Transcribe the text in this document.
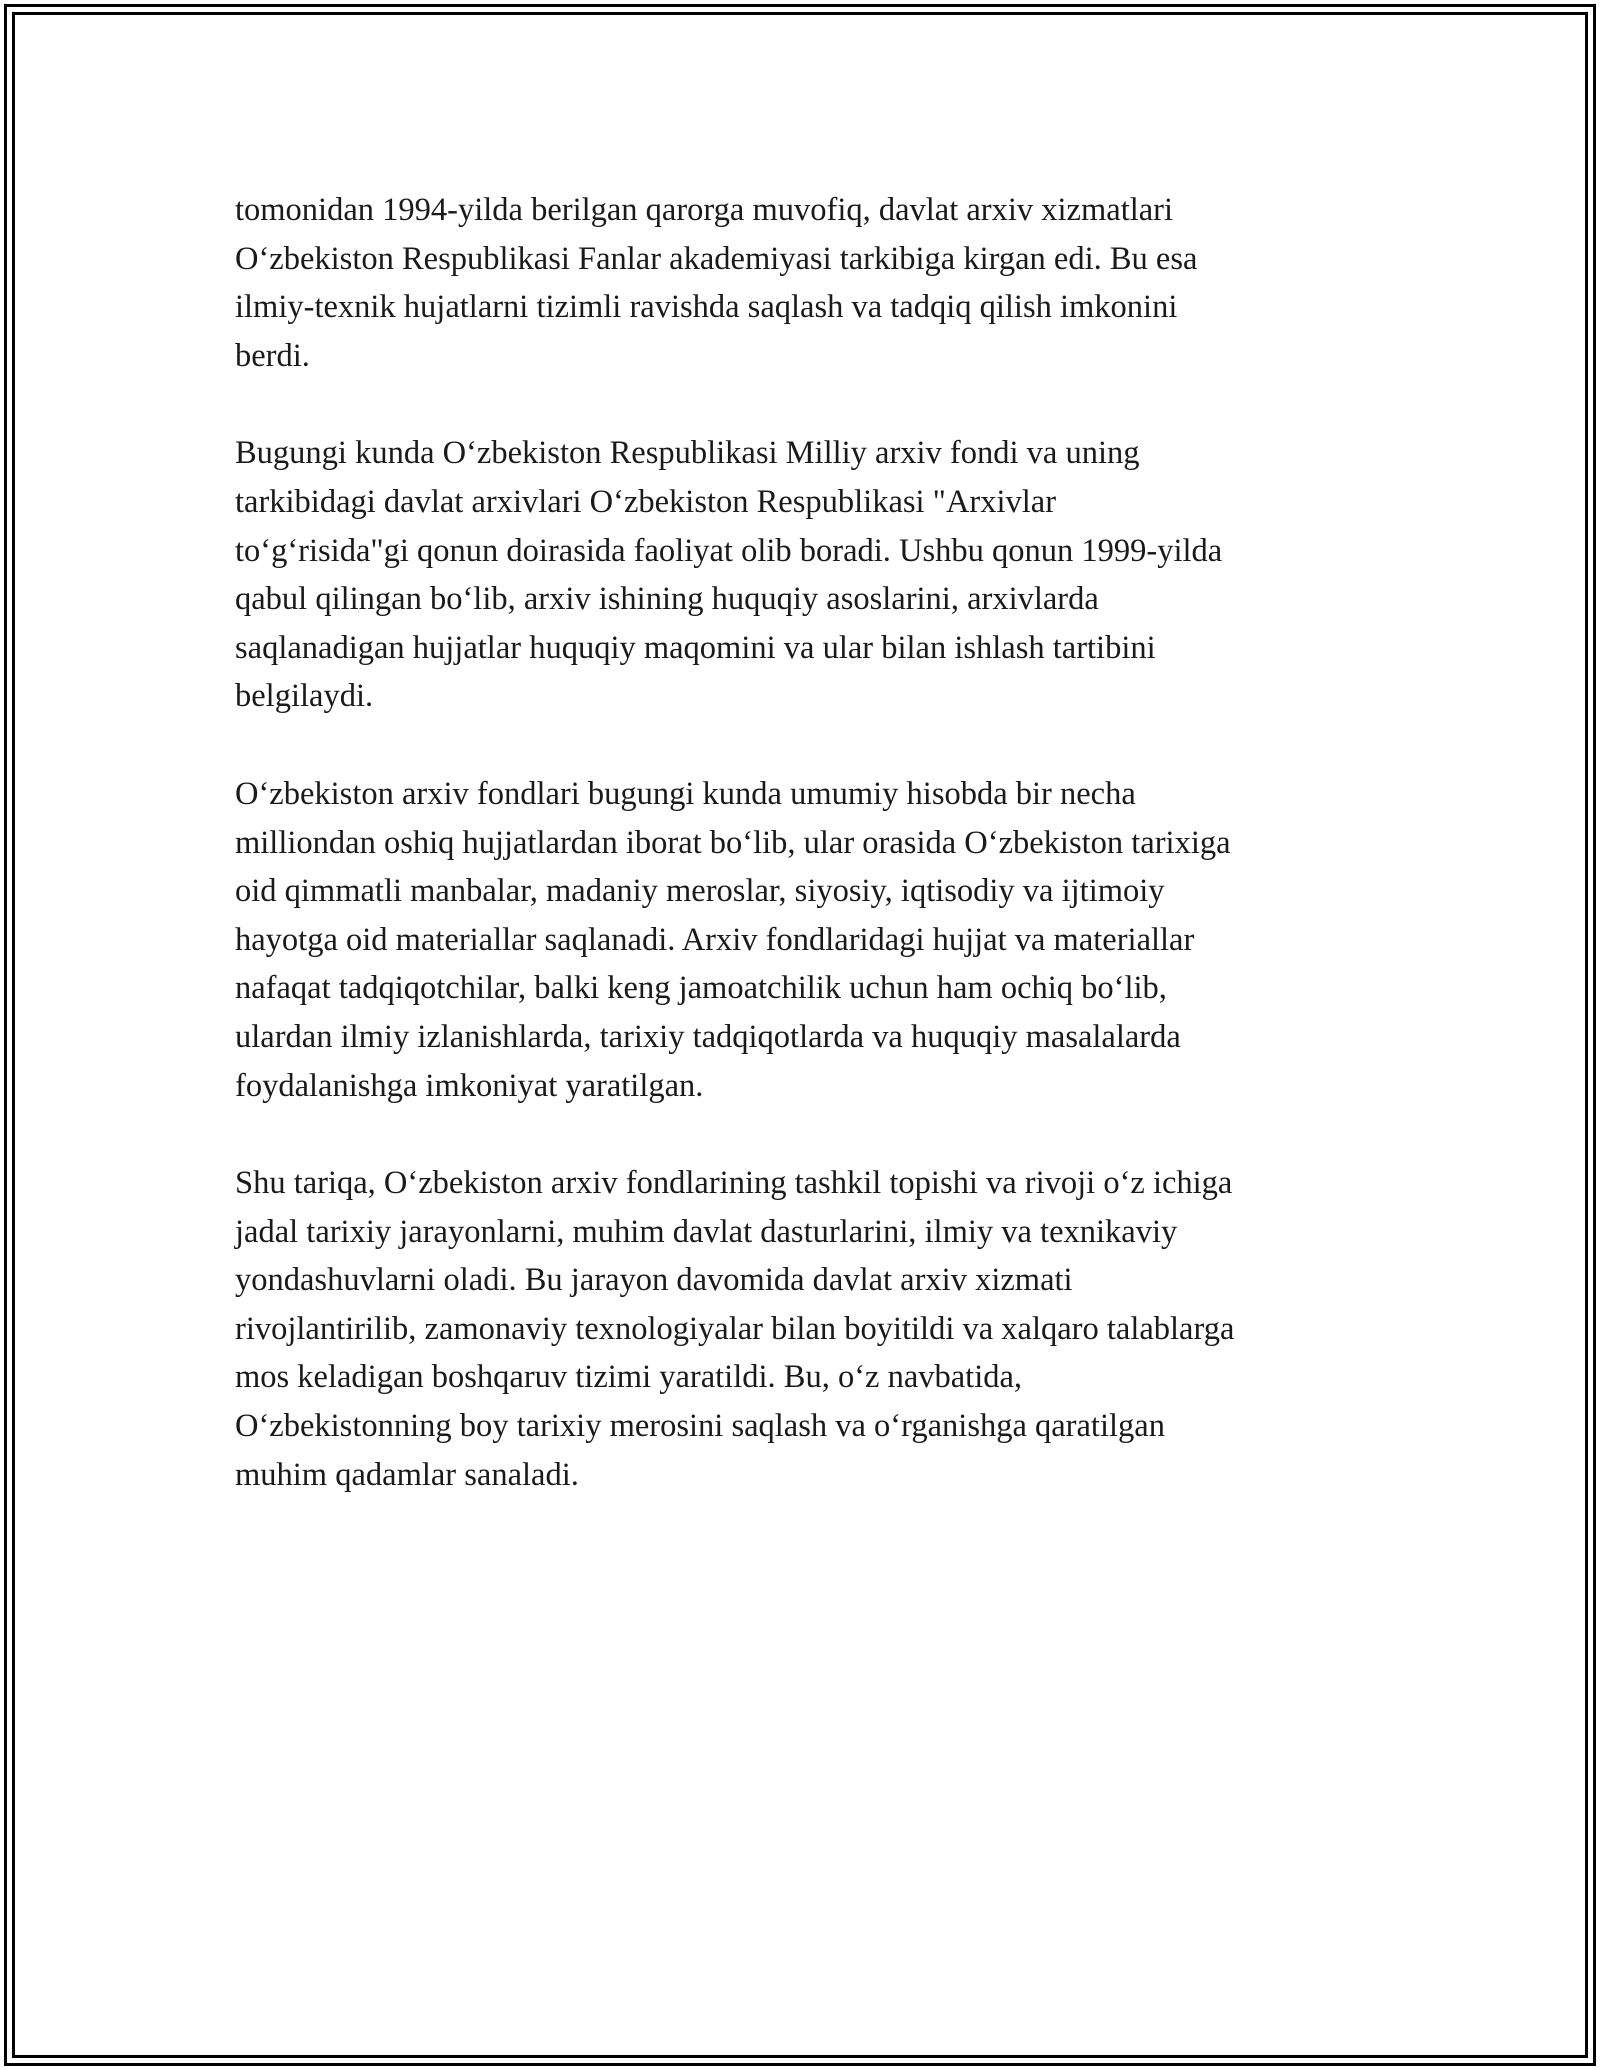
tomonidan 1994-yilda berilgan qarorga muvofiq, davlat arxiv xizmatlari
O‘zbekiston Respublikasi Fanlar akademiyasi tarkibiga kirgan edi. Bu esa
ilmiy-texnik hujatlarni tizimli ravishda saqlash va tadqiq qilish imkonini
berdi.

Bugungi kunda O‘zbekiston Respublikasi Milliy arxiv fondi va uning
tarkibidagi davlat arxivlari O‘zbekiston Respublikasi "Arxivlar
to‘g‘risida"gi qonun doirasida faoliyat olib boradi. Ushbu qonun 1999-yilda
qabul qilingan bo‘lib, arxiv ishining huquqiy asoslarini, arxivlarda
saqlanadigan hujjatlar huquqiy maqomini va ular bilan ishlash tartibini
belgilaydi.

O‘zbekiston arxiv fondlari bugungi kunda umumiy hisobda bir necha
milliondan oshiq hujjatlardan iborat bo‘lib, ular orasida O‘zbekiston tarixiga
oid qimmatli manbalar, madaniy meroslar, siyosiy, iqtisodiy va ijtimoiy
hayotga oid materiallar saqlanadi. Arxiv fondlaridagi hujjat va materiallar
nafaqat tadqiqotchilar, balki keng jamoatchilik uchun ham ochiq bo‘lib,
ulardan ilmiy izlanishlarda, tarixiy tadqiqotlarda va huquqiy masalalarda
foydalanishga imkoniyat yaratilgan.

Shu tariqa, O‘zbekiston arxiv fondlarining tashkil topishi va rivoji o‘z ichiga
jadal tarixiy jarayonlarni, muhim davlat dasturlarini, ilmiy va texnikaviy
yondashuvlarni oladi. Bu jarayon davomida davlat arxiv xizmati
rivojlantirilib, zamonaviy texnologiyalar bilan boyitildi va xalqaro talablarga
mos keladigan boshqaruv tizimi yaratildi. Bu, o‘z navbatida,
O‘zbekistonning boy tarixiy merosini saqlash va o‘rganishga qaratilgan
muhim qadamlar sanaladi.
